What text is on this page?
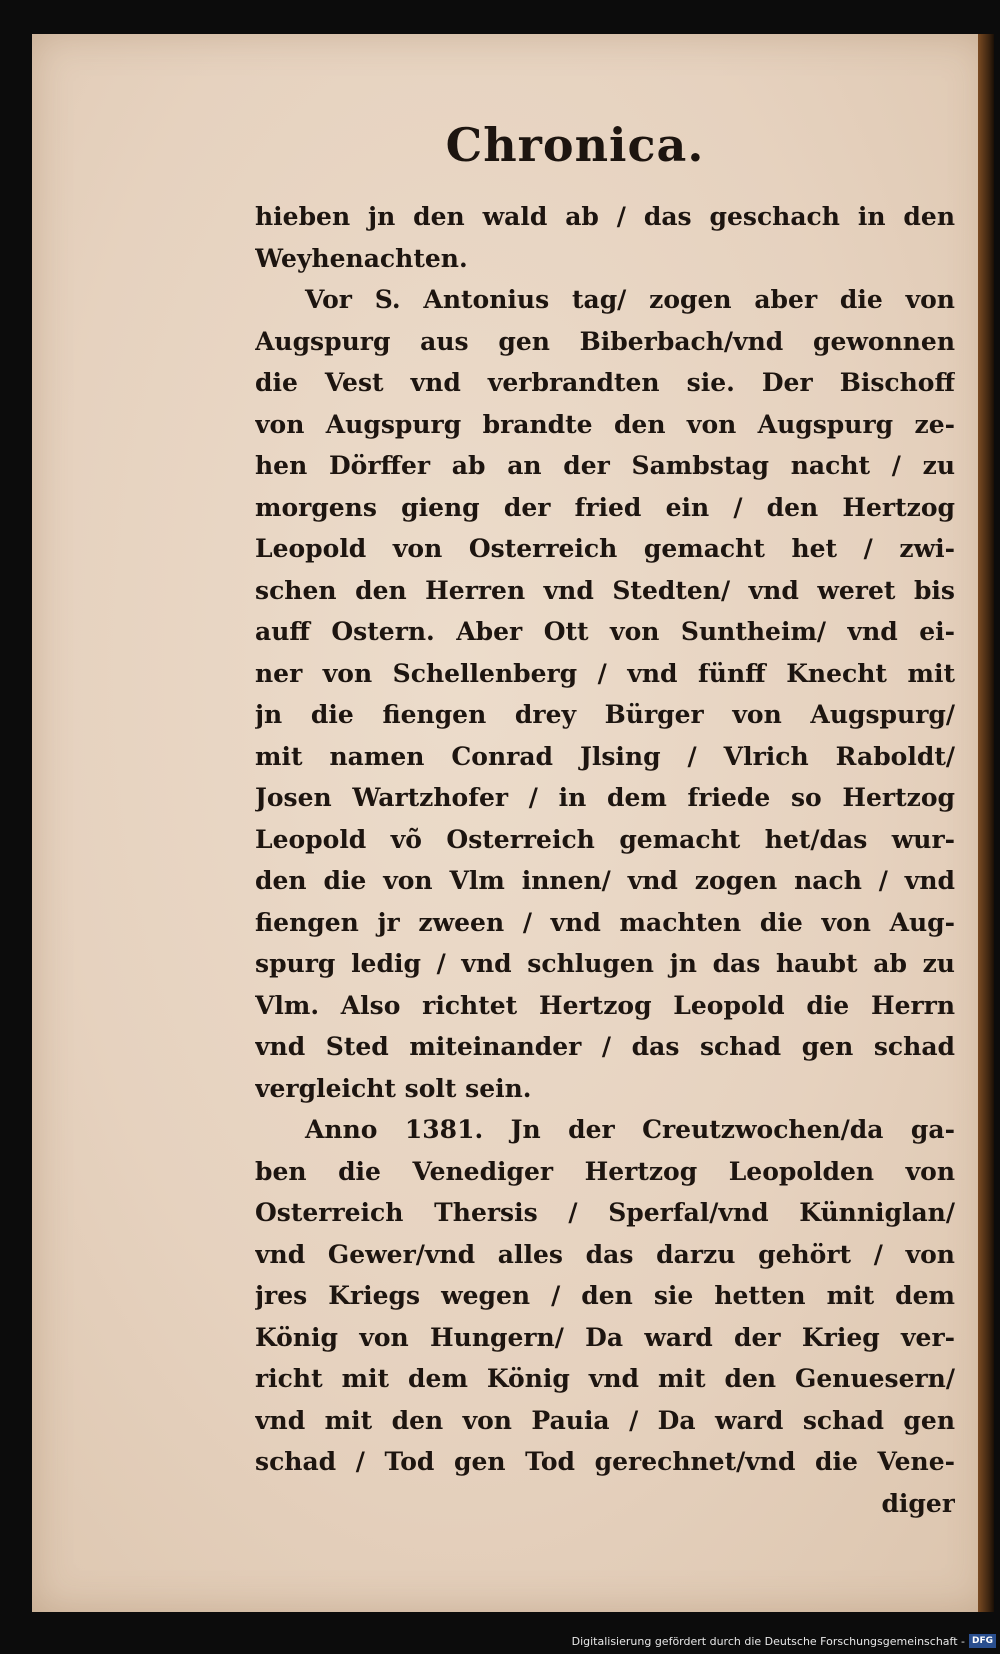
Chronica.
hieben jn den wald ab / das geschach in den
Weyhenachten.
Vor S. Antonius tag/ zogen aber die von
Augspurg aus gen Biberbach/vnd gewonnen
die Vest vnd verbrandten sie. Der Bischoff
von Augspurg brandte den von Augspurg ze-
hen Dörffer ab an der Sambstag nacht / zu
morgens gieng der fried ein / den Hertzog
Leopold von Osterreich gemacht het / zwi-
schen den Herren vnd Stedten/ vnd weret bis
auff Ostern. Aber Ott von Suntheim/ vnd ei-
ner von Schellenberg / vnd fünff Knecht mit
jn die fiengen drey Bürger von Augspurg/
mit namen Conrad Jlsing / Vlrich Raboldt/
Josen Wartzhofer / in dem friede so Hertzog
Leopold võ Osterreich gemacht het/das wur-
den die von Vlm innen/ vnd zogen nach / vnd
fiengen jr zween / vnd machten die von Aug-
spurg ledig / vnd schlugen jn das haubt ab zu
Vlm. Also richtet Hertzog Leopold die Herrn
vnd Sted miteinander / das schad gen schad
vergleicht solt sein.
Anno 1381. Jn der Creutzwochen/da ga-
ben die Venediger Hertzog Leopolden von
Osterreich Thersis / Sperfal/vnd Künniglan/
vnd Gewer/vnd alles das darzu gehört / von
jres Kriegs wegen / den sie hetten mit dem
König von Hungern/ Da ward der Krieg ver-
richt mit dem König vnd mit den Genuesern/
vnd mit den von Pauia / Da ward schad gen
schad / Tod gen Tod gerechnet/vnd die Vene-
diger
Digitalisierung gefördert durch die Deutsche Forschungsgemeinschaft - DFG
